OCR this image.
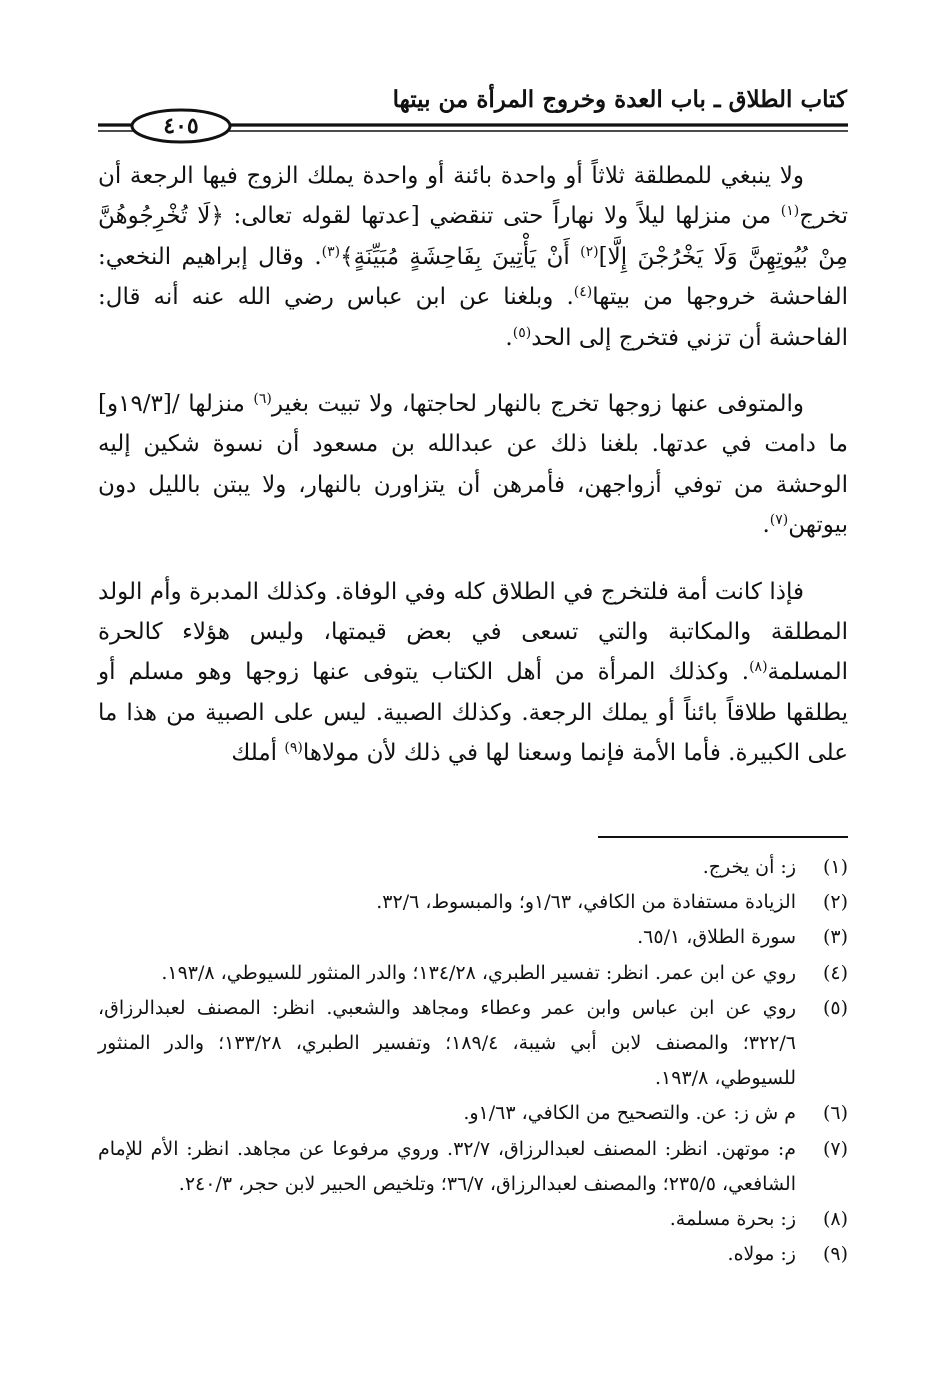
كتاب الطلاق ـ باب العدة وخروج المرأة من بيتها
٤٠٥

ولا ينبغي للمطلقة ثلاثاً أو واحدة بائنة أو واحدة يملك الزوج فيها الرجعة أن تخرج$^{(١)}$ من منزلها ليلاً ولا نهاراً حتى تنقضي [عدتها لقوله تعالى: ﴿لَا تُخْرِجُوهُنَّ مِنْ بُيُوتِهِنَّ وَلَا يَخْرُجْنَ إِلَّا]$^{(٢)}$ أَنْ يَأْتِينَ بِفَاحِشَةٍ مُبَيِّنَةٍ﴾$^{(٣)}$. وقال إبراهيم النخعي: الفاحشة خروجها من بيتها$^{(٤)}$. وبلغنا عن ابن عباس رضي الله عنه أنه قال: الفاحشة أن تزني فتخرج إلى الحد$^{(٥)}$.

والمتوفى عنها زوجها تخرج بالنهار لحاجتها، ولا تبيت بغير$^{(٦)}$ منزلها /[١٩/٣و] ما دامت في عدتها. بلغنا ذلك عن عبدالله بن مسعود أن نسوة شكين إليه الوحشة من توفي أزواجهن، فأمرهن أن يتزاورن بالنهار، ولا يبتن بالليل دون بيوتهن$^{(٧)}$.

فإذا كانت أمة فلتخرج في الطلاق كله وفي الوفاة. وكذلك المدبرة وأم الولد المطلقة والمكاتبة والتي تسعى في بعض قيمتها، وليس هؤلاء كالحرة المسلمة$^{(٨)}$. وكذلك المرأة من أهل الكتاب يتوفى عنها زوجها وهو مسلم أو يطلقها طلاقاً بائناً أو يملك الرجعة. وكذلك الصبية. ليس على الصبية من هذا ما على الكبيرة. فأما الأمة فإنما وسعنا لها في ذلك لأن مولاها$^{(٩)}$ أملك

(١)
ز: أن يخرج.
(٢)
الزيادة مستفادة من الكافي، ١/٦٣و؛ والمبسوط، ٣٢/٦.
(٣)
سورة الطلاق، ٦٥/١.
(٤)
روي عن ابن عمر. انظر: تفسير الطبري، ١٣٤/٢٨؛ والدر المنثور للسيوطي، ١٩٣/٨.
(٥)
روي عن ابن عباس وابن عمر وعطاء ومجاهد والشعبي. انظر: المصنف لعبدالرزاق، ٣٢٢/٦؛ والمصنف لابن أبي شيبة، ١٨٩/٤؛ وتفسير الطبري، ١٣٣/٢٨؛ والدر المنثور للسيوطي، ١٩٣/٨.
(٦)
م ش ز: عن. والتصحيح من الكافي، ١/٦٣و.
(٧)
م: موتهن. انظر: المصنف لعبدالرزاق، ٣٢/٧. وروي مرفوعا عن مجاهد. انظر: الأم للإمام الشافعي، ٢٣٥/٥؛ والمصنف لعبدالرزاق، ٣٦/٧؛ وتلخيص الحبير لابن حجر، ٢٤٠/٣.
(٨)
ز: بحرة مسلمة.
(٩)
ز: مولاه.
